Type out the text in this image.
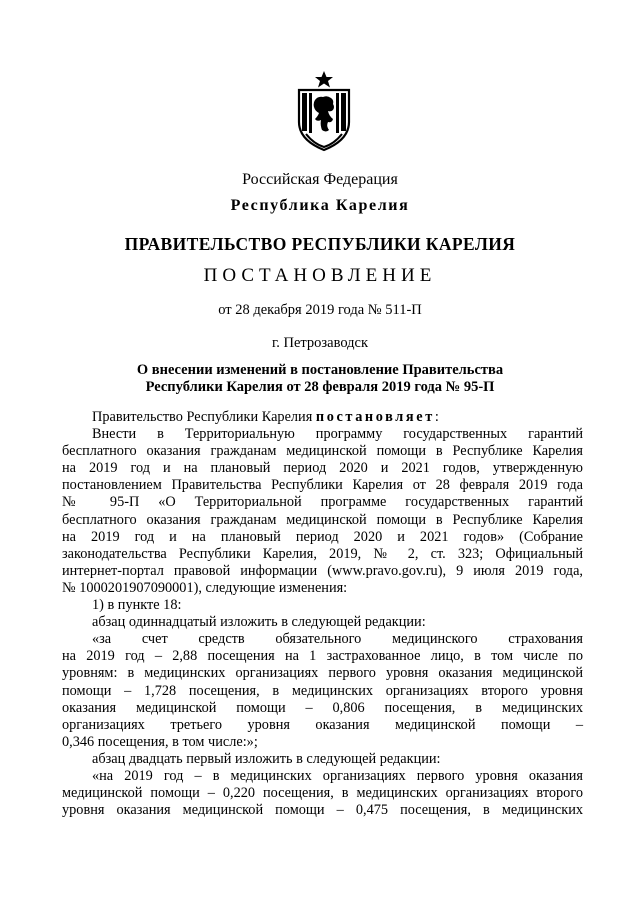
Российская Федерация
Республика Карелия
ПРАВИТЕЛЬСТВО РЕСПУБЛИКИ КАРЕЛИЯ
ПОСТАНОВЛЕНИЕ
от 28 декабря 2019 года № 511-П
г. Петрозаводск
О внесении изменений в постановление Правительства
Республики Карелия от 28 февраля 2019 года № 95-П
Правительство Республики Карелия постановляет:
Внести в Территориальную программу государственных гарантий
бесплатного оказания гражданам медицинской помощи в Республике Карелия
на 2019 год и на плановый период 2020 и 2021 годов, утвержденную
постановлением Правительства Республики Карелия от 28 февраля 2019 года
№ 95-П «О Территориальной программе государственных гарантий
бесплатного оказания гражданам медицинской помощи в Республике Карелия
на 2019 год и на плановый период 2020 и 2021 годов» (Собрание
законодательства Республики Карелия, 2019, № 2, ст. 323; Официальный
интернет-портал правовой информации (www.pravo.gov.ru), 9 июля 2019 года,
№ 1000201907090001), следующие изменения:
1) в пункте 18:
абзац одиннадцатый изложить в следующей редакции:
«за счет средств обязательного медицинского страхования
на 2019 год – 2,88 посещения на 1 застрахованное лицо, в том числе по
уровням: в медицинских организациях первого уровня оказания медицинской
помощи – 1,728 посещения, в медицинских организациях второго уровня
оказания медицинской помощи – 0,806 посещения, в медицинских
организациях третьего уровня оказания медицинской помощи –
0,346 посещения, в том числе:»;
абзац двадцать первый изложить в следующей редакции:
«на 2019 год – в медицинских организациях первого уровня оказания
медицинской помощи – 0,220 посещения, в медицинских организациях второго
уровня оказания медицинской помощи – 0,475 посещения, в медицинских
